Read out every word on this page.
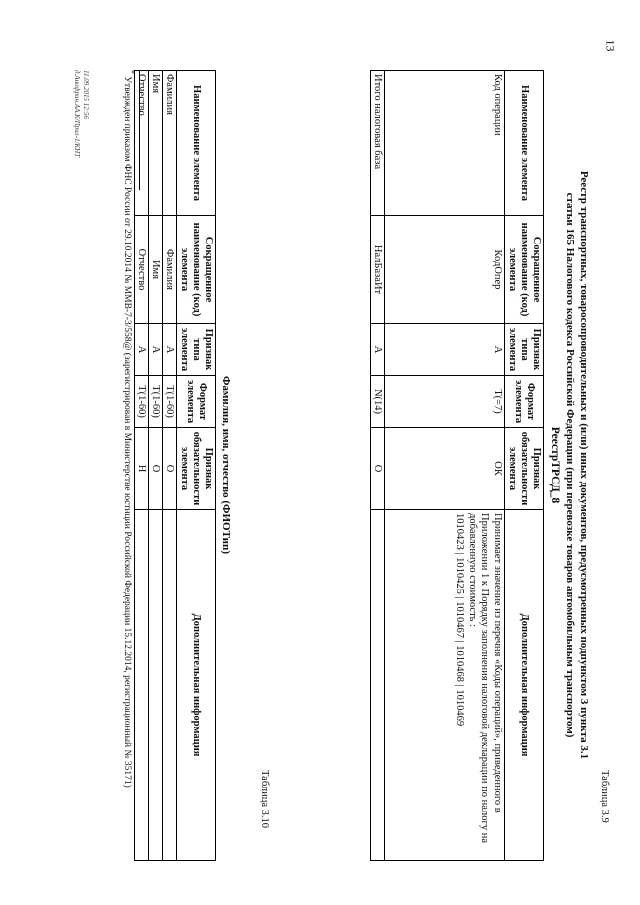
13
Таблица 3.9
Реестр транспортных, товаросопроводительных и (или) иных документов, предусмотренных подпунктом 3 пункта 3.1
статьи 165 Налогового кодекса Российской Федерации (при перевозке товаров автомобильным транспортом)
РеестрТРСД_8
Наименование элемента	Сокращенное наименование (код) элемента	Признак типа элемента	Формат элемента	Признак обязательности элемента	Дополнительная информация
Код операции	КодОпер	А	T(=7)	ОК	Принимает значение из перечня «Коды операций», приведенного в Приложении 1 к Порядку заполнения налоговой декларации по налогу на добавленную стоимость :
1010423 | 1010425 | 1010467 | 1010468 | 1010469
Итого налоговая база	НалБазаИт	А	N(14)	О	
Таблица 3.10
Фамилия, имя, отчество (ФИОТип)
Наименование элемента	Сокращенное наименование (код) элемента	Признак типа элемента	Формат элемента	Признак обязательности элемента	Дополнительная информация
Фамилия	Фамилия	А	T(1-60)	О	
Имя	Имя	А	T(1-60)	О	
Отчество	Отчество	А	T(1-60)	Н	
* Утвержден приказом ФНС России от 29.10.2014 № ММВ-7-3/558@ (зарегистрирован в Министерстве юстиции Российской Федерации 15.12.2014, регистрационный № 35171)
11.09.2015 12:56
д.Анофрин.АА.К/Прил-1/КНТ
